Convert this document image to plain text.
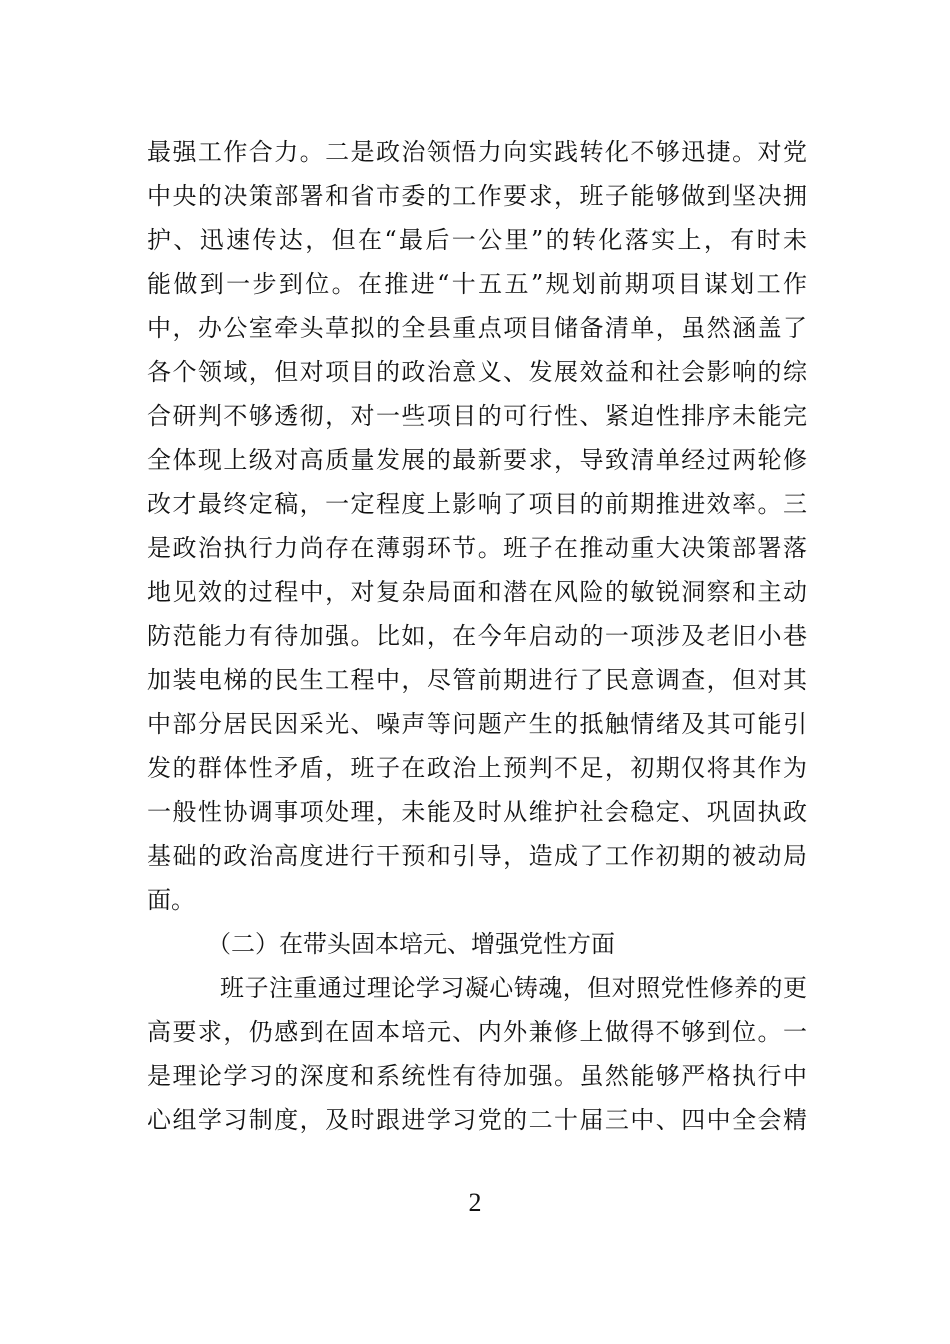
最强工作合力。二是政治领悟力向实践转化不够迅捷。对党
中央的决策部署和省市委的工作要求，班子能够做到坚决拥
护、迅速传达，但在“最后一公里”的转化落实上，有时未
能做到一步到位。在推进“十五五”规划前期项目谋划工作
中，办公室牵头草拟的全县重点项目储备清单，虽然涵盖了
各个领域，但对项目的政治意义、发展效益和社会影响的综
合研判不够透彻，对一些项目的可行性、紧迫性排序未能完
全体现上级对高质量发展的最新要求，导致清单经过两轮修
改才最终定稿，一定程度上影响了项目的前期推进效率。三
是政治执行力尚存在薄弱环节。班子在推动重大决策部署落
地见效的过程中，对复杂局面和潜在风险的敏锐洞察和主动
防范能力有待加强。比如，在今年启动的一项涉及老旧小巷
加装电梯的民生工程中，尽管前期进行了民意调查，但对其
中部分居民因采光、噪声等问题产生的抵触情绪及其可能引
发的群体性矛盾，班子在政治上预判不足，初期仅将其作为
一般性协调事项处理，未能及时从维护社会稳定、巩固执政
基础的政治高度进行干预和引导，造成了工作初期的被动局
面。
（二）在带头固本培元、增强党性方面
班子注重通过理论学习凝心铸魂，但对照党性修养的更
高要求，仍感到在固本培元、内外兼修上做得不够到位。一
是理论学习的深度和系统性有待加强。虽然能够严格执行中
心组学习制度，及时跟进学习党的二十届三中、四中全会精
2
